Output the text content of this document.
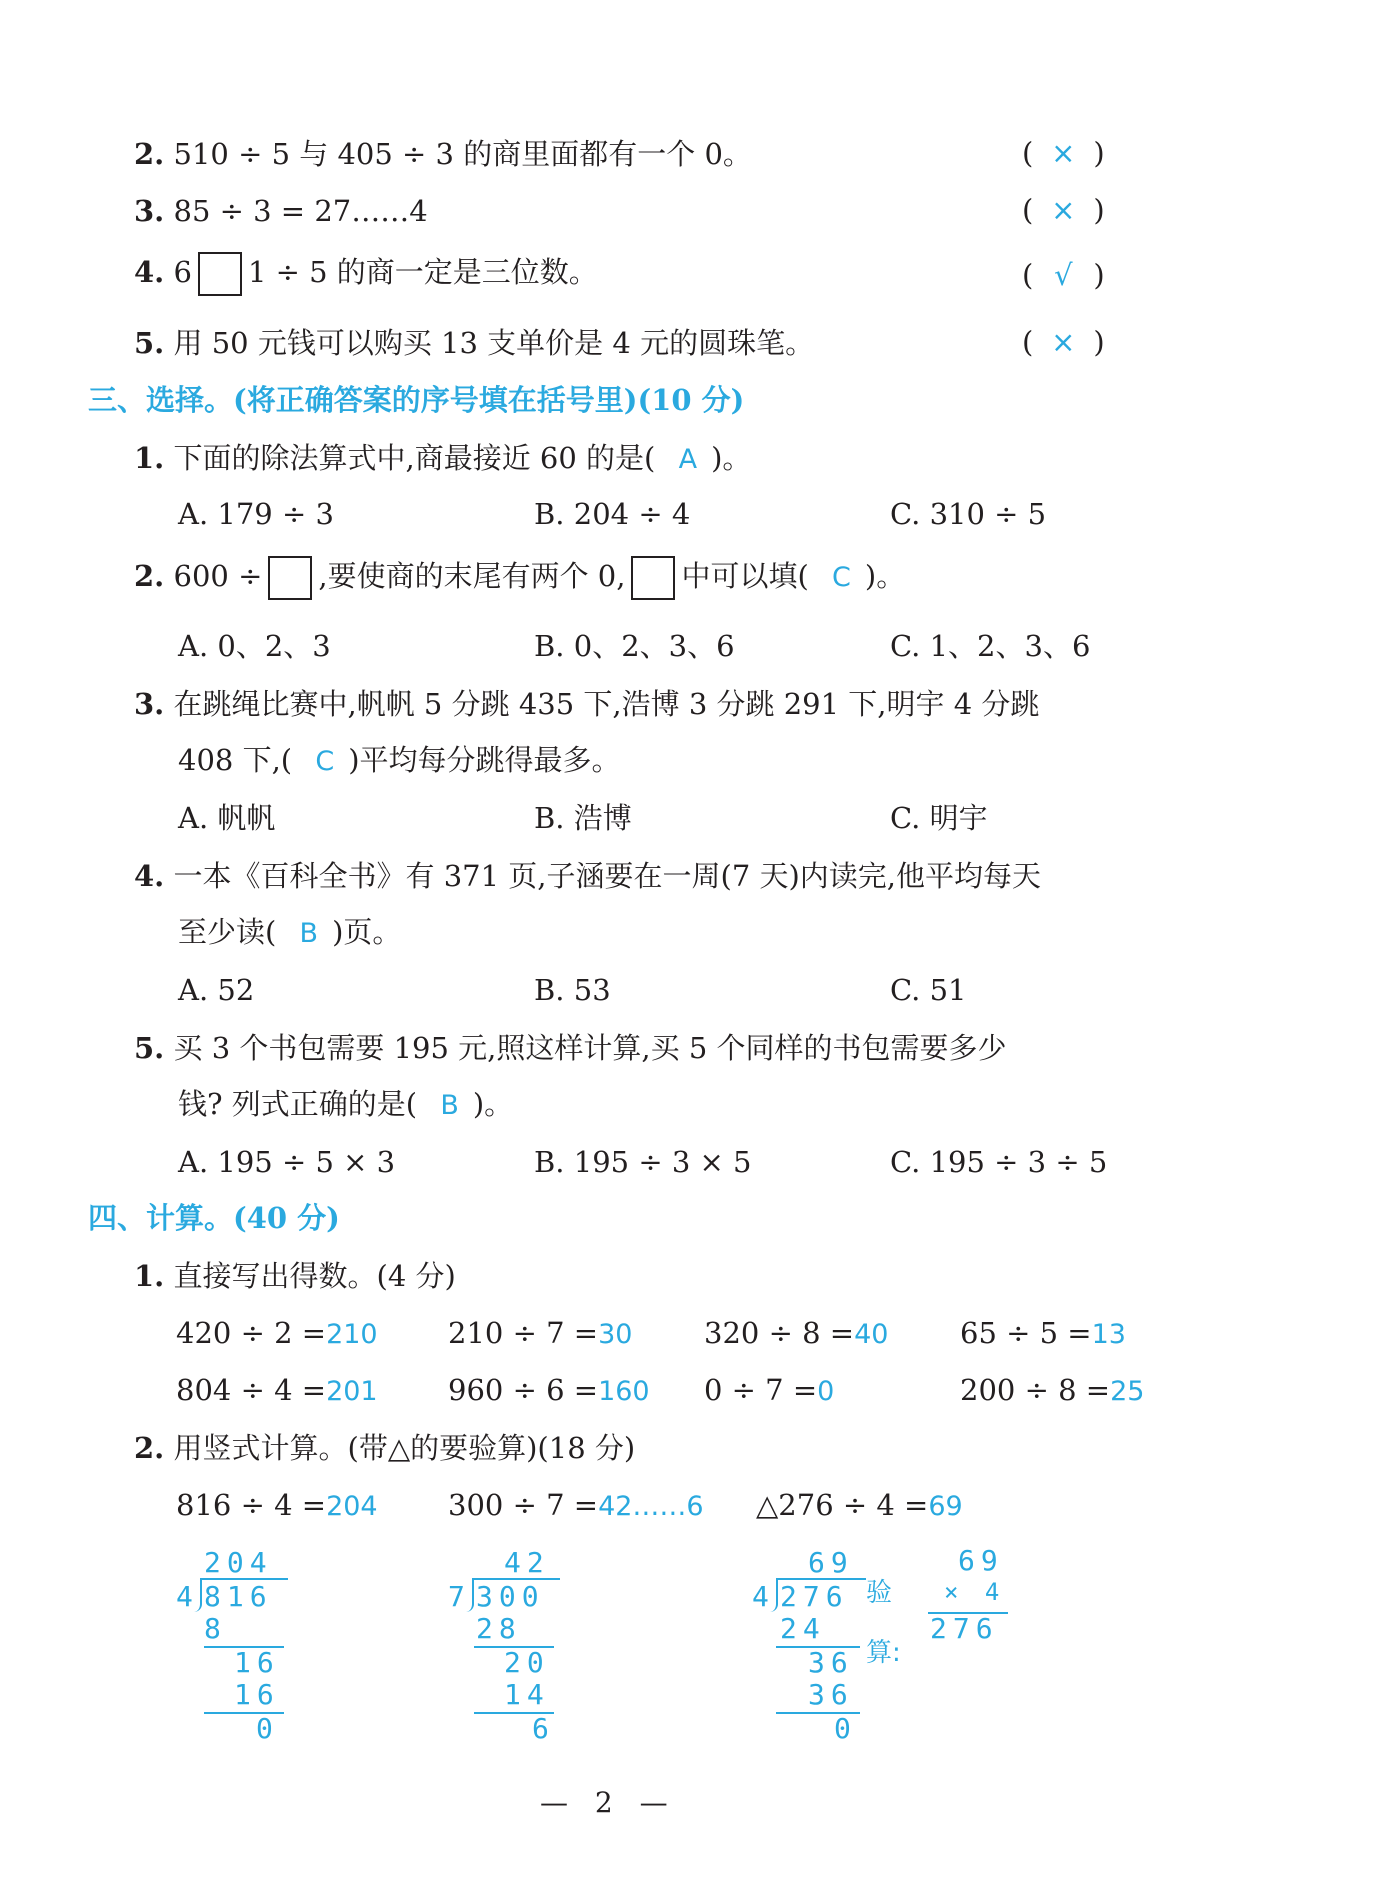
2. 510 ÷ 5 与 405 ÷ 3 的商里面都有一个 0。	( × )
3. 85 ÷ 3 = 27……4	( × )
4. 6 1 ÷ 5 的商一定是三位数。	( √ )
5. 用 50 元钱可以购买 13 支单价是 4 元的圆珠笔。	( × )
三、选择。(将正确答案的序号填在括号里)(10 分)
1. 下面的除法算式中,商最接近 60 的是( A )。
A. 179 ÷ 3	B. 204 ÷ 4	C. 310 ÷ 5
2. 600 ÷ ,要使商的末尾有两个 0, 中可以填( C )。
A. 0、2、3	B. 0、2、3、6	C. 1、2、3、6
3. 在跳绳比赛中,帆帆 5 分跳 435 下,浩博 3 分跳 291 下,明宇 4 分跳
408 下,( C )平均每分跳得最多。
A. 帆帆	B. 浩博	C. 明宇
4. 一本《百科全书》有 371 页,子涵要在一周(7 天)内读完,他平均每天
至少读( B )页。
A. 52	B. 53	C. 51
5. 买 3 个书包需要 195 元,照这样计算,买 5 个同样的书包需要多少
钱? 列式正确的是( B )。
A. 195 ÷ 5 × 3	B. 195 ÷ 3 × 5	C. 195 ÷ 3 ÷ 5
四、计算。(40 分)
1. 直接写出得数。(4 分)
420 ÷ 2 =210 210 ÷ 7 =30 320 ÷ 8 =40 65 ÷ 5 =13
804 ÷ 4 =201 960 ÷ 6 =160 0 ÷ 7 =0	200 ÷ 8 =25
2. 用竖式计算。(带△的要验算)(18 分)
816 ÷ 4 =204 300 ÷ 7 =42……6 △276 ÷ 4 =69
204
4 816
8
16
16
0
42
7 300
28
20
14
6
69
4 276
24
36
36
0
验
算:
69
× 4
276
— 2 —
